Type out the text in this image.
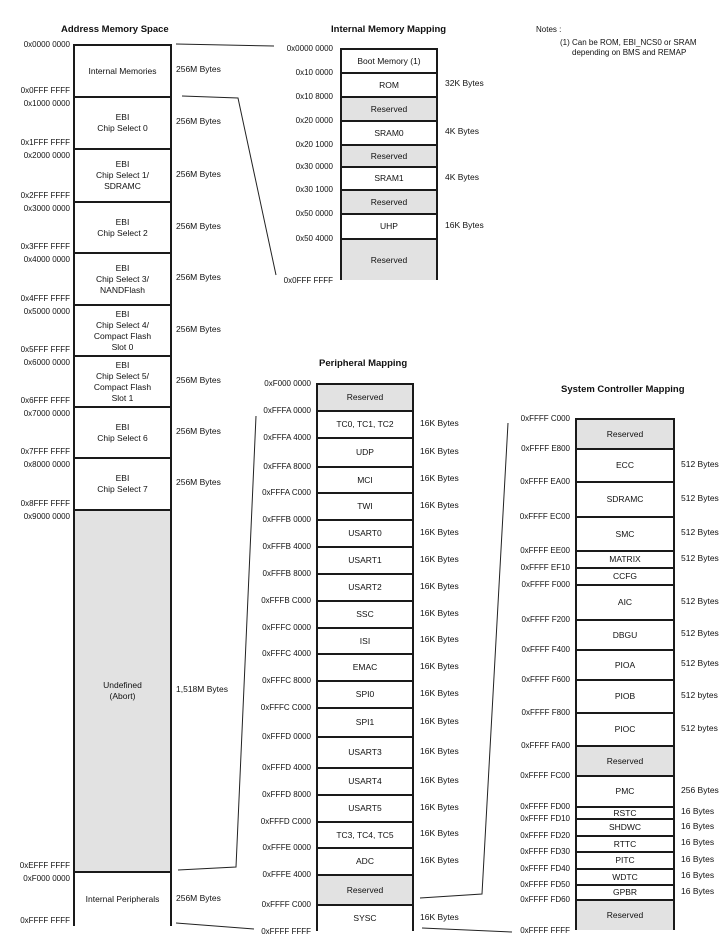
Address Memory Space	Internal Memory Mapping
Peripheral Mapping
System Controller Mapping
Notes :
(1) Can be ROM, EBI_NCS0 or SRAM
depending on BMS and REMAP
Internal Memories
EBI
Chip Select 0
EBI
Chip Select 1/
SDRAMC
EBI
Chip Select 2
EBI
Chip Select 3/
NANDFlash
EBI
Chip Select 4/
Compact Flash
Slot 0
EBI
Chip Select 5/
Compact Flash
Slot 1
EBI
Chip Select 6
EBI
Chip Select 7
Undefined
(Abort)
Internal Peripherals
Boot Memory (1)
ROM
Reserved
SRAM0
Reserved
SRAM1
Reserved
UHP
Reserved
Reserved
TC0, TC1, TC2
UDP
MCI
TWI
USART0
USART1
USART2
SSC
ISI
EMAC
SPI0
SPI1
USART3
USART4
USART5
TC3, TC4, TC5
ADC
Reserved
SYSC
Reserved
ECC
SDRAMC
SMC
MATRIX
CCFG
AIC
DBGU
PIOA
PIOB
PIOC
Reserved
PMC
RSTC
SHDWC
RTTC
PITC
WDTC
GPBR
Reserved
256M Bytes
256M Bytes
256M Bytes
256M Bytes
256M Bytes
256M Bytes
256M Bytes
256M Bytes
256M Bytes
1,518M Bytes
256M Bytes
0x0000 0000
0x0FFF FFFF
0x1000 0000
0x1FFF FFFF
0x2000 0000
0x2FFF FFFF
0x3000 0000
0x3FFF FFFF
0x4000 0000
0x4FFF FFFF
0x5000 0000
0x5FFF FFFF
0x6000 0000
0x6FFF FFFF
0x7000 0000
0x7FFF FFFF
0x8000 0000
0x8FFF FFFF
0x9000 0000
0xEFFF FFFF
0xF000 0000
0xFFFF FFFF
32K Bytes
4K Bytes
4K Bytes
16K Bytes
0x0000 0000
0x10 0000
0x10 8000
0x20 0000
0x20 1000
0x30 0000
0x30 1000
0x50 0000
0x50 4000
0x0FFF FFFF
16K Bytes
16K Bytes
16K Bytes
16K Bytes
16K Bytes
16K Bytes
16K Bytes
16K Bytes
16K Bytes
16K Bytes
16K Bytes
16K Bytes
16K Bytes
16K Bytes
16K Bytes
16K Bytes
16K Bytes
16K Bytes
0xF000 0000
0xFFFA 0000
0xFFFA 4000
0xFFFA 8000
0xFFFA C000
0xFFFB 0000
0xFFFB 4000
0xFFFB 8000
0xFFFB C000
0xFFFC 0000
0xFFFC 4000
0xFFFC 8000
0xFFFC C000
0xFFFD 0000
0xFFFD 4000
0xFFFD 8000
0xFFFD C000
0xFFFE 0000
0xFFFE 4000
0xFFFF C000
0xFFFF FFFF
512 Bytes
512 Bytes
512 Bytes
512 Bytes
512 Bytes
512 Bytes
512 Bytes
512 bytes
512 bytes
256 Bytes
16 Bytes
16 Bytes
16 Bytes
16 Bytes
16 Bytes
16 Bytes
0xFFFF C000
0xFFFF E800
0xFFFF EA00
0xFFFF EC00
0xFFFF EE00
0xFFFF EF10
0xFFFF F000
0xFFFF F200
0xFFFF F400
0xFFFF F600
0xFFFF F800
0xFFFF FA00
0xFFFF FC00
0xFFFF FD00
0xFFFF FD10
0xFFFF FD20
0xFFFF FD30
0xFFFF FD40
0xFFFF FD50
0xFFFF FD60
0xFFFF FFFF
